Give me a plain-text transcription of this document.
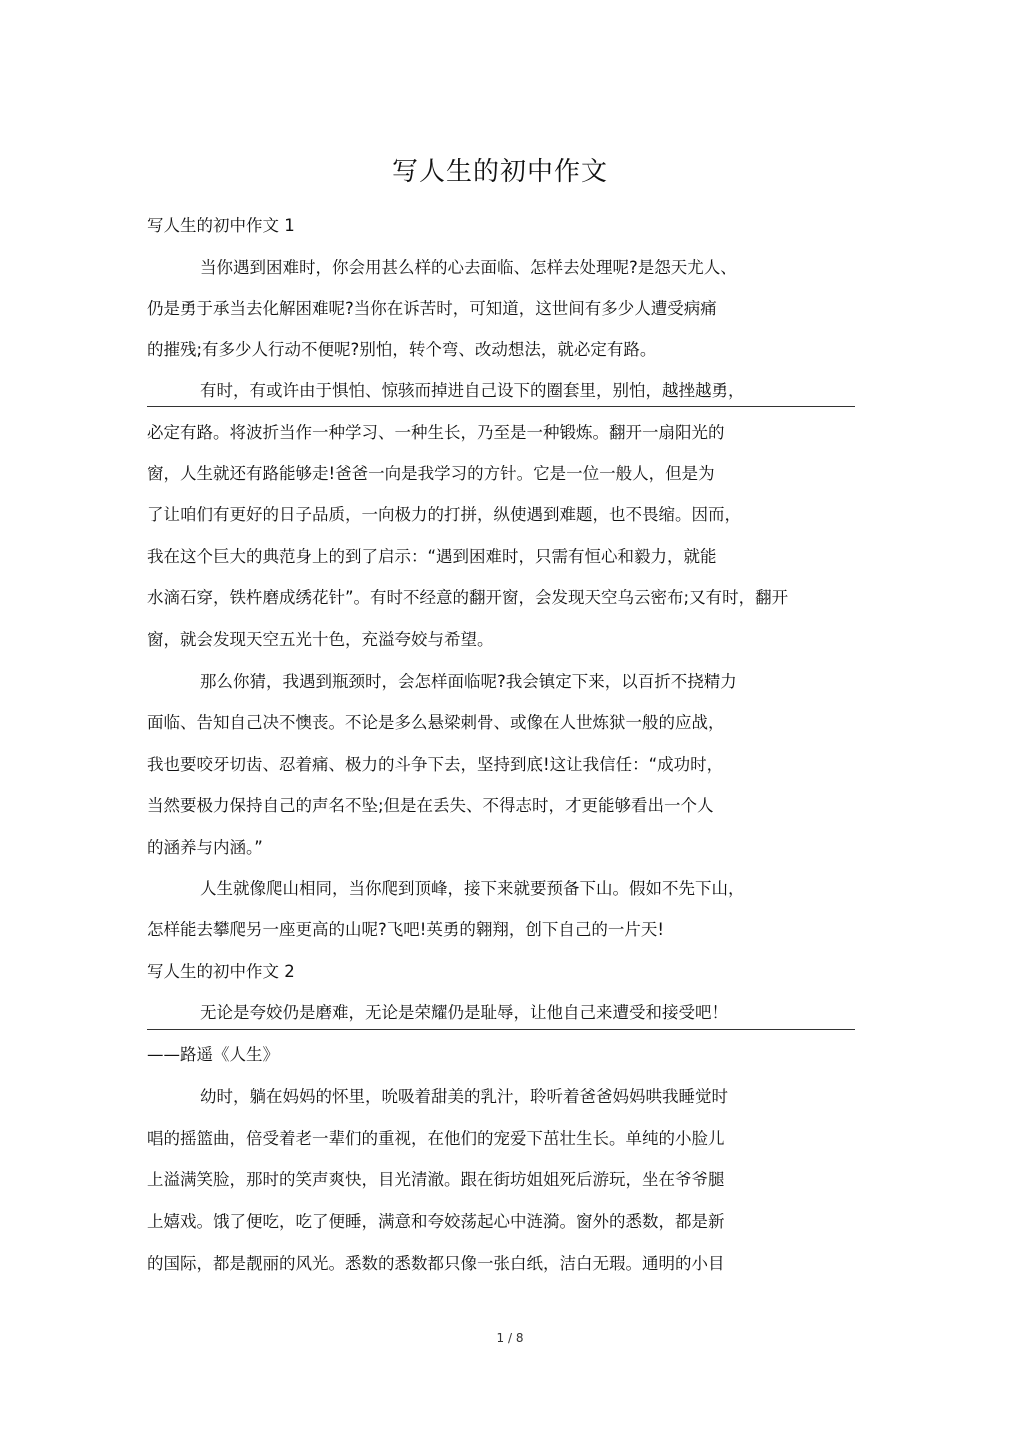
写人生的初中作文
写人生的初中作文 1
当你遇到困难时，你会用甚么样的心去面临、怎样去处理呢?是怨天尤人、
仍是勇于承当去化解困难呢?当你在诉苦时，可知道，这世间有多少人遭受病痛
的摧残;有多少人行动不便呢?别怕，转个弯、改动想法，就必定有路。
有时，有或许由于惧怕、惊骇而掉进自己设下的圈套里，别怕，越挫越勇，
必定有路。将波折当作一种学习、一种生长，乃至是一种锻炼。翻开一扇阳光的
窗，人生就还有路能够走!爸爸一向是我学习的方针。它是一位一般人，但是为
了让咱们有更好的日子品质，一向极力的打拼，纵使遇到难题，也不畏缩。因而，
我在这个巨大的典范身上的到了启示：“遇到困难时，只需有恒心和毅力，就能
水滴石穿，铁杵磨成绣花针”。有时不经意的翻开窗，会发现天空乌云密布;又有时，翻开
窗，就会发现天空五光十色，充溢夸姣与希望。
那么你猜，我遇到瓶颈时，会怎样面临呢?我会镇定下来，以百折不挠精力
面临、告知自己决不懊丧。不论是多么悬梁刺骨、或像在人世炼狱一般的应战，
我也要咬牙切齿、忍着痛、极力的斗争下去，坚持到底!这让我信任：“成功时，
当然要极力保持自己的声名不坠;但是在丢失、不得志时，才更能够看出一个人
的涵养与内涵。”
人生就像爬山相同，当你爬到顶峰，接下来就要预备下山。假如不先下山，
怎样能去攀爬另一座更高的山呢?飞吧!英勇的翱翔，创下自己的一片天!
写人生的初中作文 2
无论是夸姣仍是磨难，无论是荣耀仍是耻辱，让他自己来遭受和接受吧！
——路遥《人生》
幼时，躺在妈妈的怀里，吮吸着甜美的乳汁，聆听着爸爸妈妈哄我睡觉时
唱的摇篮曲，倍受着老一辈们的重视，在他们的宠爱下茁壮生长。单纯的小脸儿
上溢满笑脸，那时的笑声爽快，目光清澈。跟在街坊姐姐死后游玩，坐在爷爷腿
上嬉戏。饿了便吃，吃了便睡，满意和夸姣荡起心中涟漪。窗外的悉数，都是新
的国际，都是靓丽的风光。悉数的悉数都只像一张白纸，洁白无瑕。通明的小目
1 / 8
